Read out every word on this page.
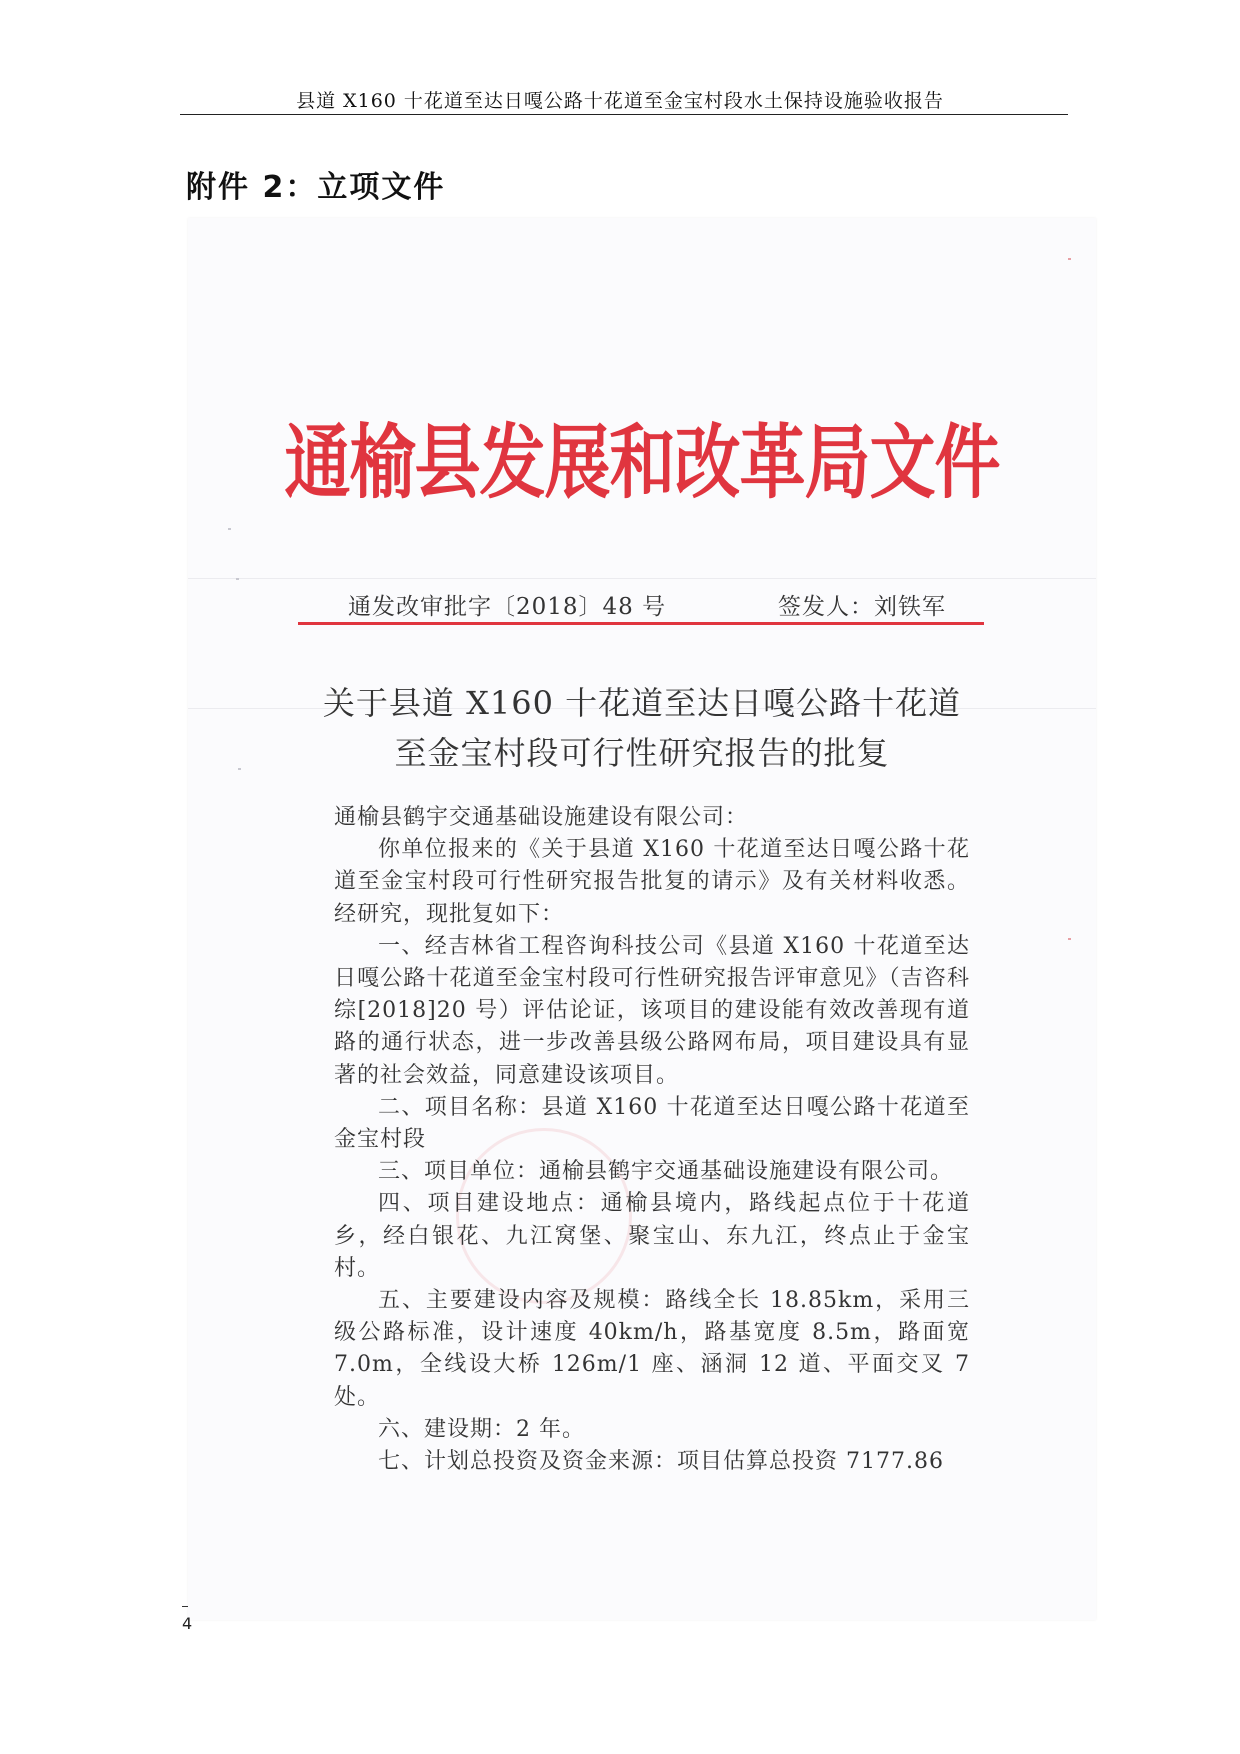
县道 X160 十花道至达日嘎公路十花道至金宝村段水土保持设施验收报告
附件 2：立项文件
通榆县发展和改革局文件
通发改审批字〔2018〕48 号	签发人：刘铁军
关于县道 X160 十花道至达日嘎公路十花道
至金宝村段可行性研究报告的批复

通榆县鹤宇交通基础设施建设有限公司：

你单位报来的《关于县道 X160 十花道至达日嘎公路十花道至金宝村段可行性研究报告批复的请示》及有关材料收悉。经研究，现批复如下：

一、经吉林省工程咨询科技公司《县道 X160 十花道至达日嘎公路十花道至金宝村段可行性研究报告评审意见》（吉咨科综[2018]20 号）评估论证，该项目的建设能有效改善现有道路的通行状态，进一步改善县级公路网布局，项目建设具有显著的社会效益，同意建设该项目。

二、项目名称：县道 X160 十花道至达日嘎公路十花道至金宝村段

三、项目单位：通榆县鹤宇交通基础设施建设有限公司。

四、项目建设地点：通榆县境内，路线起点位于十花道乡，经白银花、九江窝堡、聚宝山、东九江，终点止于金宝村。

五、主要建设内容及规模：路线全长 18.85km，采用三级公路标准，设计速度 40km/h，路基宽度 8.5m，路面宽 7.0m，全线设大桥 126m/1 座、涵洞 12 道、平面交叉 7 处。

六、建设期：2 年。

七、计划总投资及资金来源：项目估算总投资 7177.86

4
